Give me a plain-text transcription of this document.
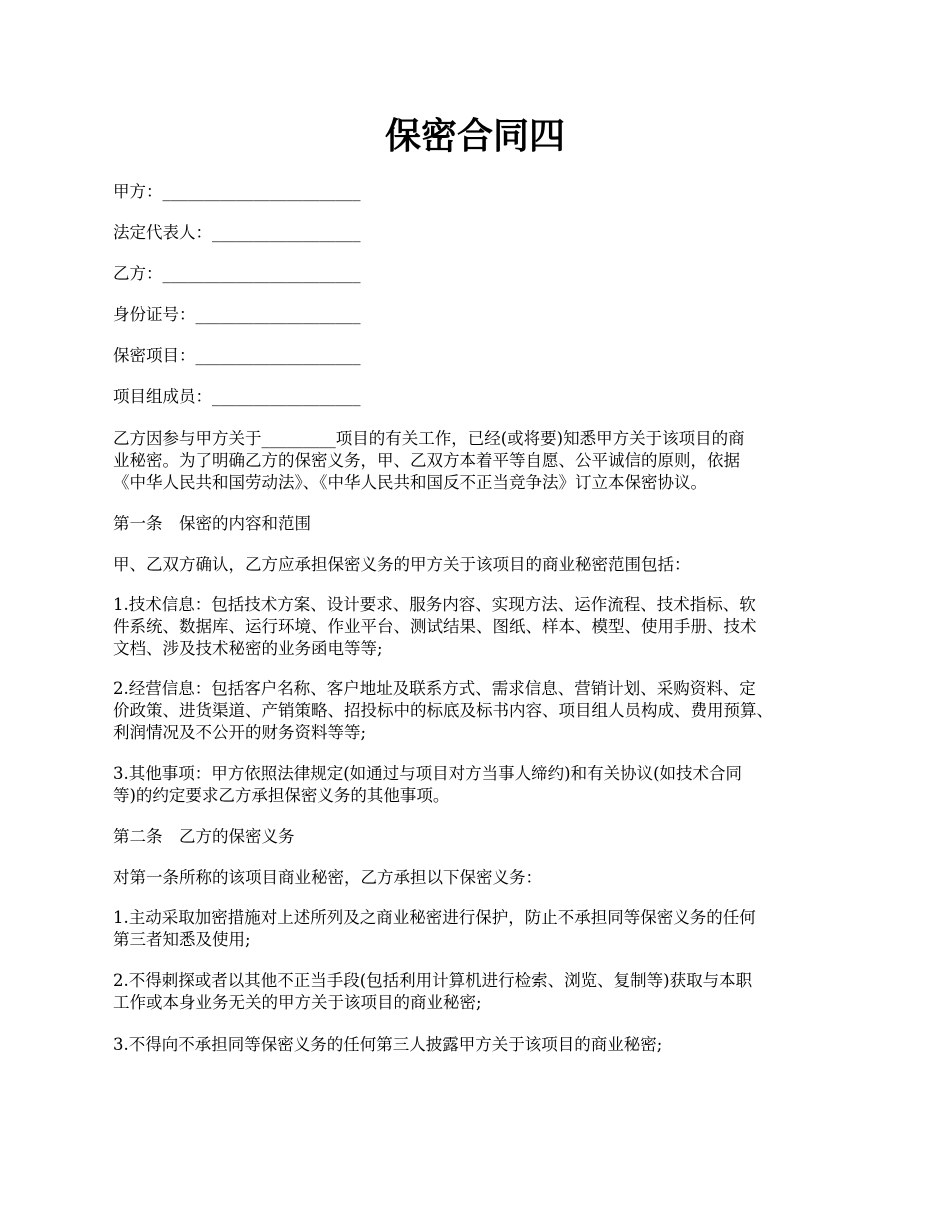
保密合同四
甲方：________________________
法定代表人：__________________
乙方：________________________
身份证号：____________________
保密项目：____________________
项目组成员：__________________
乙方因参与甲方关于_________项目的有关工作，已经(或将要)知悉甲方关于该项目的商
业秘密。为了明确乙方的保密义务，甲、乙双方本着平等自愿、公平诚信的原则，依据
《中华人民共和国劳动法》、《中华人民共和国反不正当竞争法》订立本保密协议。
第一条　保密的内容和范围
甲、乙双方确认，乙方应承担保密义务的甲方关于该项目的商业秘密范围包括：
1.技术信息：包括技术方案、设计要求、服务内容、实现方法、运作流程、技术指标、软
件系统、数据库、运行环境、作业平台、测试结果、图纸、样本、模型、使用手册、技术
文档、涉及技术秘密的业务函电等等;
2.经营信息：包括客户名称、客户地址及联系方式、需求信息、营销计划、采购资料、定
价政策、进货渠道、产销策略、招投标中的标底及标书内容、项目组人员构成、费用预算、
利润情况及不公开的财务资料等等;
3.其他事项：甲方依照法律规定(如通过与项目对方当事人缔约)和有关协议(如技术合同
等)的约定要求乙方承担保密义务的其他事项。
第二条　乙方的保密义务
对第一条所称的该项目商业秘密，乙方承担以下保密义务：
1.主动采取加密措施对上述所列及之商业秘密进行保护，防止不承担同等保密义务的任何
第三者知悉及使用;
2.不得刺探或者以其他不正当手段(包括利用计算机进行检索、浏览、复制等)获取与本职
工作或本身业务无关的甲方关于该项目的商业秘密;
3.不得向不承担同等保密义务的任何第三人披露甲方关于该项目的商业秘密;
